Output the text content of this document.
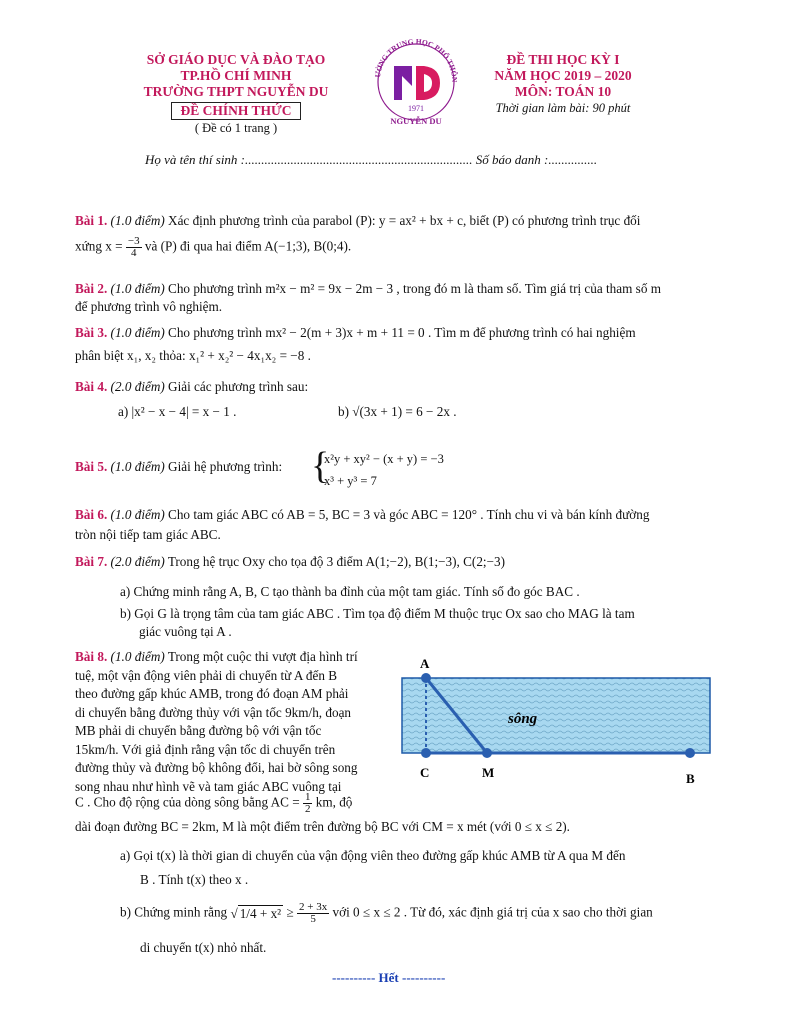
SỞ GIÁO DỤC VÀ ĐÀO TẠO
TP.HỒ CHÍ MINH
TRƯỜNG THPT NGUYỄN DU
ĐỀ CHÍNH THỨC
( Đề có 1 trang )
ƯỜNG TRUNG HỌC PHỔ THÔN
1971
NGUYỄN DU
ĐỀ THI HỌC KỲ I
NĂM HỌC 2019 – 2020
MÔN: TOÁN 10
Thời gian làm bài: 90 phút
Họ và tên thí sinh :...................................................................... Số báo danh :...............
Bài 1. (1.0 điểm) Xác định phương trình của parabol (P): y = ax² + bx + c, biết (P) có phương trình trục đối
xứng $x = \frac{-3}{4}$ và (P) đi qua hai điểm A(−1;3), B(0;4).
Bài 2. (1.0 điểm) Cho phương trình m²x − m² = 9x − 2m − 3 , trong đó m là tham số. Tìm giá trị của tham số m
để phương trình vô nghiệm.
Bài 3. (1.0 điểm) Cho phương trình mx² − 2(m + 3)x + m + 11 = 0 . Tìm m để phương trình có hai nghiệm
phân biệt x₁, x₂ thỏa: x₁² + x₂² − 4x₁x₂ = −8 .
Bài 4. (2.0 điểm) Giải các phương trình sau:
a) |x² − x − 4| = x − 1 .	b) √(3x + 1) = 6 − 2x .
Bài 5. (1.0 điểm) Giải hệ phương trình: {
x²y + xy² − (x + y) = −3
x³ + y³ = 7
Bài 6. (1.0 điểm) Cho tam giác ABC có AB = 5, BC = 3 và góc ABC = 120° . Tính chu vi và bán kính đường
tròn nội tiếp tam giác ABC.
Bài 7. (2.0 điểm) Trong hệ trục Oxy cho tọa độ 3 điểm A(1;−2), B(1;−3), C(2;−3)
a) Chứng minh rằng A, B, C tạo thành ba đỉnh của một tam giác. Tính số đo góc BAC .
b) Gọi G là trọng tâm của tam giác ABC . Tìm tọa độ điểm M thuộc trục Ox sao cho MAG là tam
giác vuông tại A .
Bài 8. (1.0 điểm) Trong một cuộc thi vượt địa hình trí
tuệ, một vận động viên phải di chuyển từ A đến B
theo đường gấp khúc AMB, trong đó đoạn AM phải
di chuyển bằng đường thủy với vận tốc 9km/h, đoạn
MB phải di chuyển bằng đường bộ với vận tốc
15km/h. Với giả định rằng vận tốc di chuyển trên
đường thủy và đường bộ không đổi, hai bờ sông song
song nhau như hình vẽ và tam giác ABC vuông tại
C . Cho độ rộng của dòng sông bằng AC = $\frac{1}{2}$ km, độ
A
C	M	B
sông
dài đoạn đường BC = 2km, M là một điểm trên đường bộ BC với CM = x mét (với 0 ≤ x ≤ 2).
a) Gọi t(x) là thời gian di chuyển của vận động viên theo đường gấp khúc AMB từ A qua M đến
B . Tính t(x) theo x .
b) Chứng minh rằng √ $1/4 + x^2 \ge \frac{2 + 3x}{5}$ với 0 ≤ x ≤ 2 . Từ đó, xác định giá trị của x sao cho thời gian
di chuyển t(x) nhỏ nhất.
---------- Hết ----------
